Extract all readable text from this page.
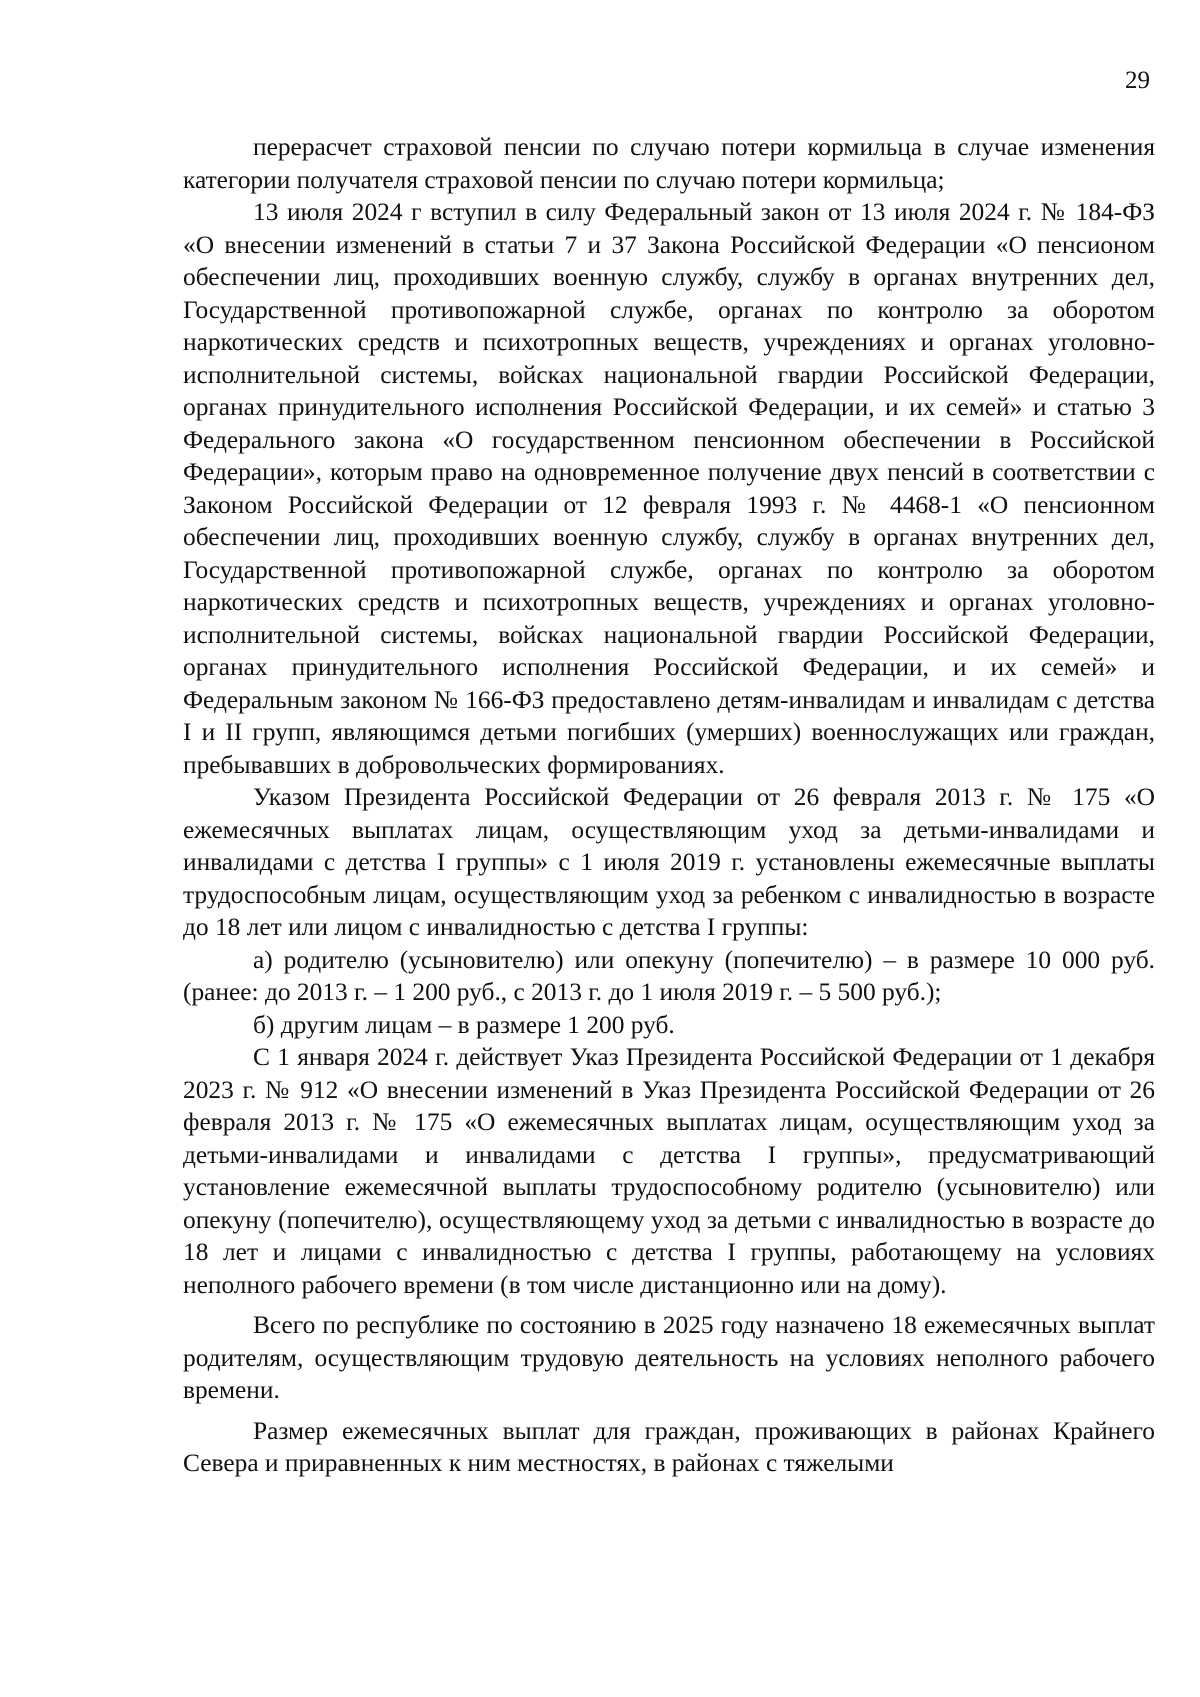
29

перерасчет страховой пенсии по случаю потери кормильца в случае изменения категории получателя страховой пенсии по случаю потери кормильца;

13 июля 2024 г вступил в силу Федеральный закон от 13 июля 2024 г. № 184-ФЗ «О внесении изменений в статьи 7 и 37 Закона Российской Федерации «О пенсионом обеспечении лиц, проходивших военную службу, службу в органах внутренних дел, Государственной противопожарной службе, органах по контролю за оборотом наркотических средств и психотропных веществ, учреждениях и органах уголовно-исполнительной системы, войсках национальной гвардии Российской Федерации, органах принудительного исполнения Российской Федерации, и их семей» и статью 3 Федерального закона «О государственном пенсионном обеспечении в Российской Федерации», которым право на одновременное получение двух пенсий в соответствии с Законом Российской Федерации от 12 февраля 1993 г. № 4468-1 «О пенсионном обеспечении лиц, проходивших военную службу, службу в органах внутренних дел, Государственной противопожарной службе, органах по контролю за оборотом наркотических средств и психотропных веществ, учреждениях и органах уголовно-исполнительной системы, войсках национальной гвардии Российской Федерации, органах принудительного исполнения Российской Федерации, и их семей» и Федеральным законом № 166-ФЗ предоставлено детям-инвалидам и инвалидам с детства I и II групп, являющимся детьми погибших (умерших) военнослужащих или граждан, пребывавших в добровольческих формированиях.

Указом Президента Российской Федерации от 26 февраля 2013 г. № 175 «О ежемесячных выплатах лицам, осуществляющим уход за детьми-инвалидами и инвалидами с детства I группы» с 1 июля 2019 г. установлены ежемесячные выплаты трудоспособным лицам, осуществляющим уход за ребенком с инвалидностью в возрасте до 18 лет или лицом с инвалидностью с детства I группы:

а) родителю (усыновителю) или опекуну (попечителю) – в размере 10 000 руб. (ранее: до 2013 г. – 1 200 руб., с 2013 г. до 1 июля 2019 г. – 5 500 руб.);

б) другим лицам – в размере 1 200 руб.

С 1 января 2024 г. действует Указ Президента Российской Федерации от 1 декабря 2023 г. № 912 «О внесении изменений в Указ Президента Российской Федерации от 26 февраля 2013 г. № 175 «О ежемесячных выплатах лицам, осуществляющим уход за детьми-инвалидами и инвалидами с детства I группы», предусматривающий установление ежемесячной выплаты трудоспособному родителю (усыновителю) или опекуну (попечителю), осуществляющему уход за детьми с инвалидностью в возрасте до 18 лет и лицами с инвалидностью с детства I группы, работающему на условиях неполного рабочего времени (в том числе дистанционно или на дому).

Всего по республике по состоянию в 2025 году назначено 18 ежемесячных выплат родителям, осуществляющим трудовую деятельность на условиях неполного рабочего времени.

Размер ежемесячных выплат для граждан, проживающих в районах Крайнего Севера и приравненных к ним местностях, в районах с тяжелыми
